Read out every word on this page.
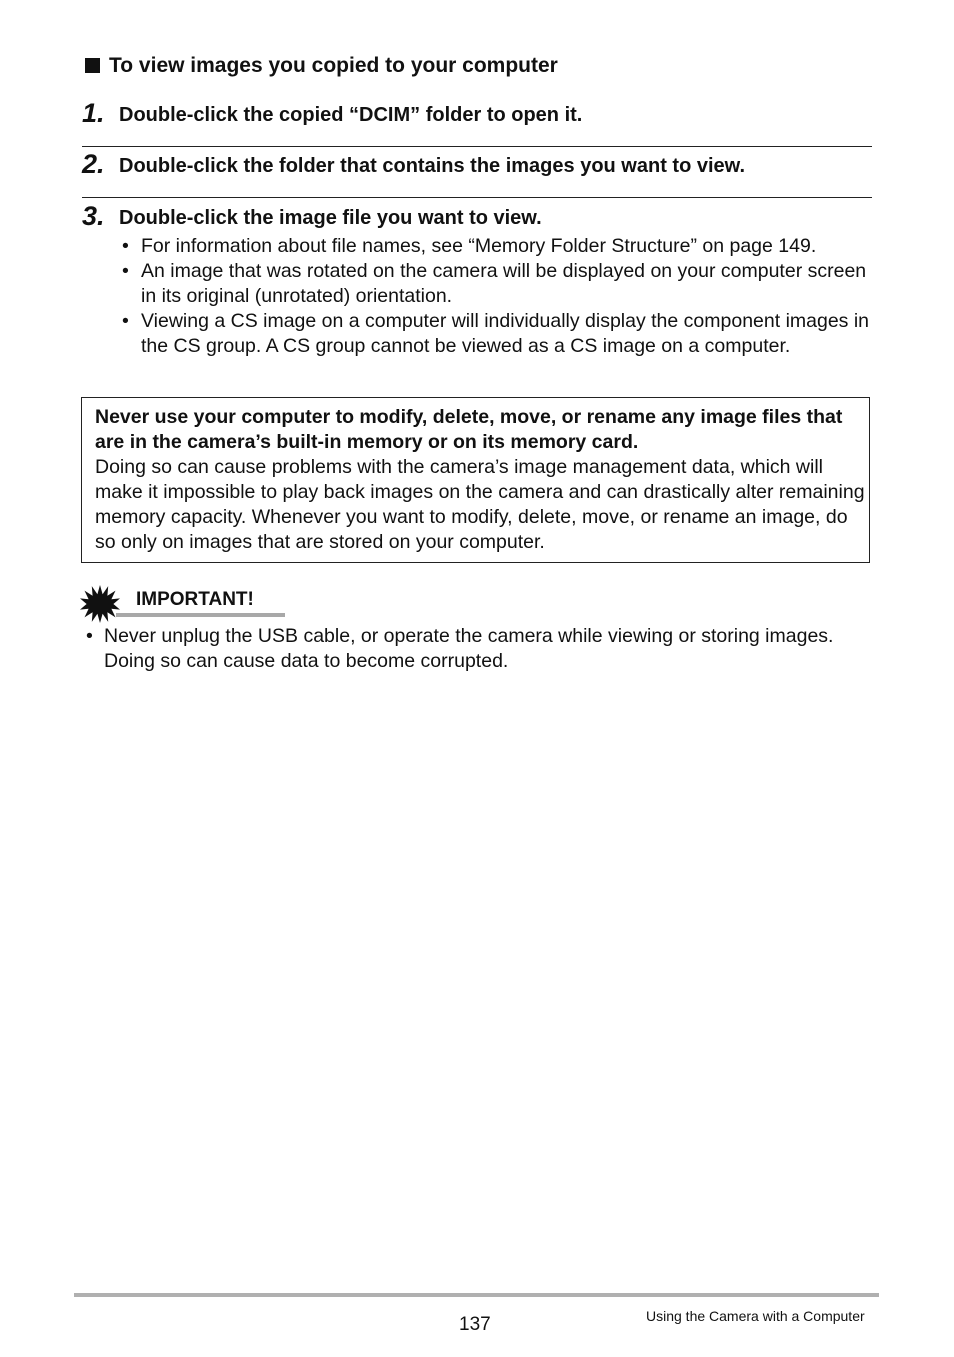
To view images you copied to your computer
1. Double-click the copied “DCIM” folder to open it.
2. Double-click the folder that contains the images you want to view.
3. Double-click the image file you want to view.
• For information about file names, see “Memory Folder Structure” on page 149.
• An image that was rotated on the camera will be displayed on your computer screen in its original (unrotated) orientation.
• Viewing a CS image on a computer will individually display the component images in the CS group. A CS group cannot be viewed as a CS image on a computer.
Never use your computer to modify, delete, move, or rename any image files that are in the camera’s built-in memory or on its memory card.
Doing so can cause problems with the camera’s image management data, which will make it impossible to play back images on the camera and can drastically alter remaining memory capacity. Whenever you want to modify, delete, move, or rename an image, do so only on images that are stored on your computer.
IMPORTANT!
• Never unplug the USB cable, or operate the camera while viewing or storing images. Doing so can cause data to become corrupted.
137	Using the Camera with a Computer
